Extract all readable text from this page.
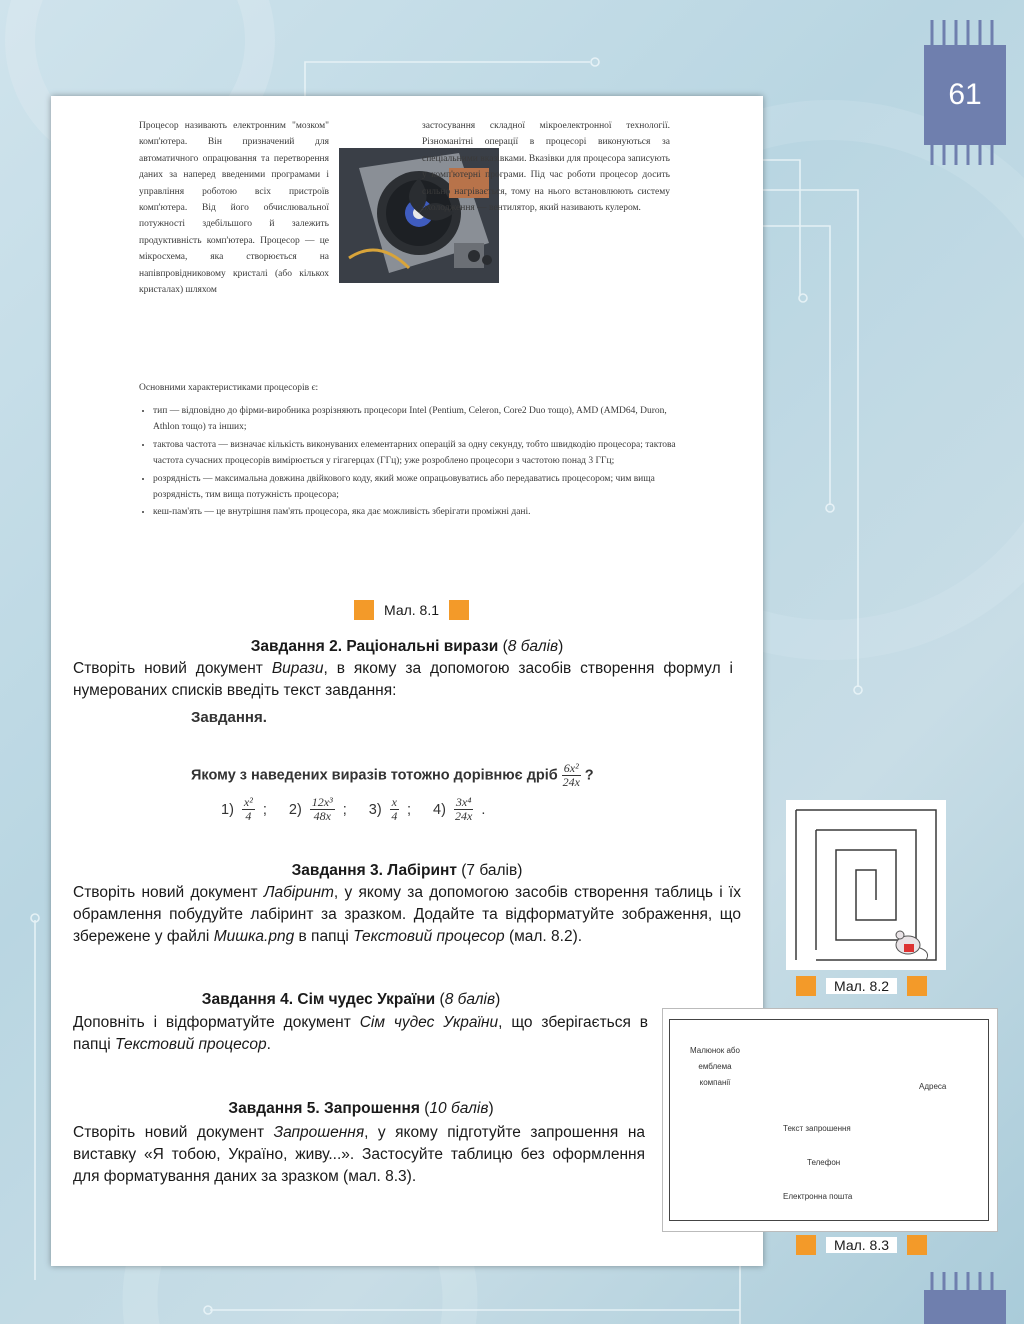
61
Процесор називають електронним "мозком" комп'ютера. Він призначений для автоматичного опрацювання та перетворення даних за наперед введеними програмами і управління роботою всіх пристроїв комп'ютера. Від його обчислювальної потужності здебільшого й залежить продуктивність комп'ютера. Процесор — це мікросхема, яка створюється на напівпровідниковому кристалі (або кількох кристалах) шляхом
застосування складної мікроелектронної технології. Різноманітні операції в процесорі виконуються за спеціальними вказівками. Вказівки для процесора записують у комп'ютерні програми. Під час роботи процесор досить сильно нагрівається, тому на нього встановлюють систему охолодження — вентилятор, який називають кулером.
Основними характеристиками процесорів є:
• тип — відповідно до фірми-виробника розрізняють процесори Intel (Pentium, Celeron, Core2 Duo тощо), AMD (AMD64, Duron, Athlon тощо) та інших;
• тактова частота — визначає кількість виконуваних елементарних операцій за одну секунду, тобто швидкодію процесора; тактова частота сучасних процесорів вимірюється у гігагерцах (ГГц); уже розроблено процесори з частотою понад 3 ГГц;
• розрядність — максимальна довжина двійкового коду, який може опрацьовуватись або передаватись процесором; чим вища розрядність, тим вища потужність процесора;
• кеш-пам'ять — це внутрішня пам'ять процесора, яка дає можливість зберігати проміжні дані.
Мал. 8.1
Завдання 2. Раціональні вирази (8 балів)
Створіть новий документ Вирази, в якому за допомогою засобів створення формул і нумерованих списків введіть текст завдання:
Завдання.
Якому з наведених виразів тотожно дорівнює дріб $\frac{\text{6x²}}{24x}$ ?
$1) \frac{\text{x²}}{4}$ ; $2) \frac{\text{12x³}}{48x}$ ; $3) \frac{x}{4}$ ; $4) \frac{\text{3x⁴}}{24x}$ .
Завдання 3. Лабіринт (7 балів)
Створіть новий документ Лабіринт, у якому за допомогою засобів створення таблиць і їх обрамлення побудуйте лабіринт за зразком. Додайте та відформатуйте зображення, що збережене у файлі Мишка.png в папці Текстовий процесор (мал. 8.2).
Завдання 4. Сім чудес України (8 балів)
Доповніть і відформатуйте документ Сім чудес України, що зберігається в папці Текстовий процесор.
Завдання 5. Запрошення (10 балів)
Створіть новий документ Запрошення, у якому підготуйте запрошення на виставку «Я тобою, Україно, живу...». Застосуйте таблицю без оформлення для форматування даних за зразком (мал. 8.3).
Мал. 8.2
Малюнок або
емблема
компанії	Адреса
Текст запрошення
Телефон
Електронна пошта
Мал. 8.3
